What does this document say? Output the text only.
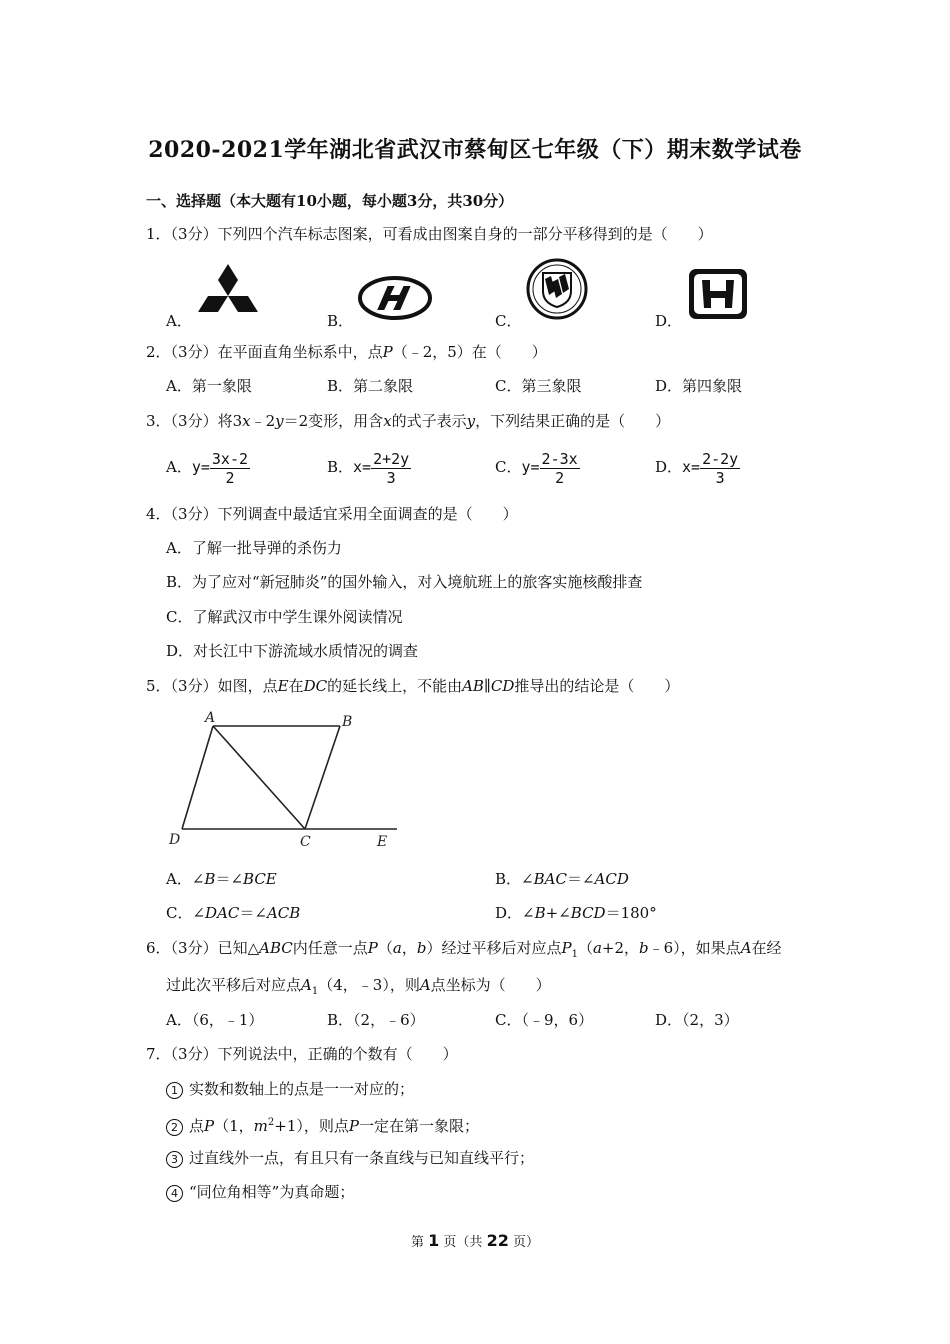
2020-2021学年湖北省武汉市蔡甸区七年级（下）期末数学试卷
一、选择题（本大题有10小题，每小题3分，共30分）
1．（3分）下列四个汽车标志图案，可看成由图案自身的一部分平移得到的是（　　）
A．	B．	C．	D．
2．（3分）在平面直角坐标系中，点P（﹣2，5）在（　　）
A．第一象限	B．第二象限	C．第三象限	D．第四象限
3．（3分）将3x﹣2y＝2变形，用含x的式子表示y，下列结果正确的是（　　）
A．$y= \frac{3x-2}{2}$	B．$x= \frac{2+2y}{3}$	C．$y= \frac{2-3x}{2}$	D．$x= \frac{2-2y}{3}$
4．（3分）下列调查中最适宜采用全面调查的是（　　）
A．了解一批导弹的杀伤力
B．为了应对“新冠肺炎”的国外输入，对入境航班上的旅客实施核酸排查
C．了解武汉市中学生课外阅读情况
D．对长江中下游流域水质情况的调查
5．（3分）如图，点E在DC的延长线上，不能由AB∥CD推导出的结论是（　　）
A	B
D	C	E
A．∠B＝∠BCE	B．∠BAC＝∠ACD
C．∠DAC＝∠ACB	D．∠B+∠BCD＝180°
6．（3分）已知△ABC内任意一点P（a，b）经过平移后对应点$P_1(a+2$，b﹣6），如果点A在经
过此次平移后对应点$A_1(4$，﹣3），则A点坐标为（　　）
A．（6，﹣1）	B．（2，﹣6）	C．（﹣9，6）	D．（2，3）
7．（3分）下列说法中，正确的个数有（　　）
1 实数和数轴上的点是一一对应的；
2 点P（1，$m^2+1$），则点P一定在第一象限；
3 过直线外一点，有且只有一条直线与已知直线平行；
4 “同位角相等”为真命题；
第 1 页（共 22 页）
